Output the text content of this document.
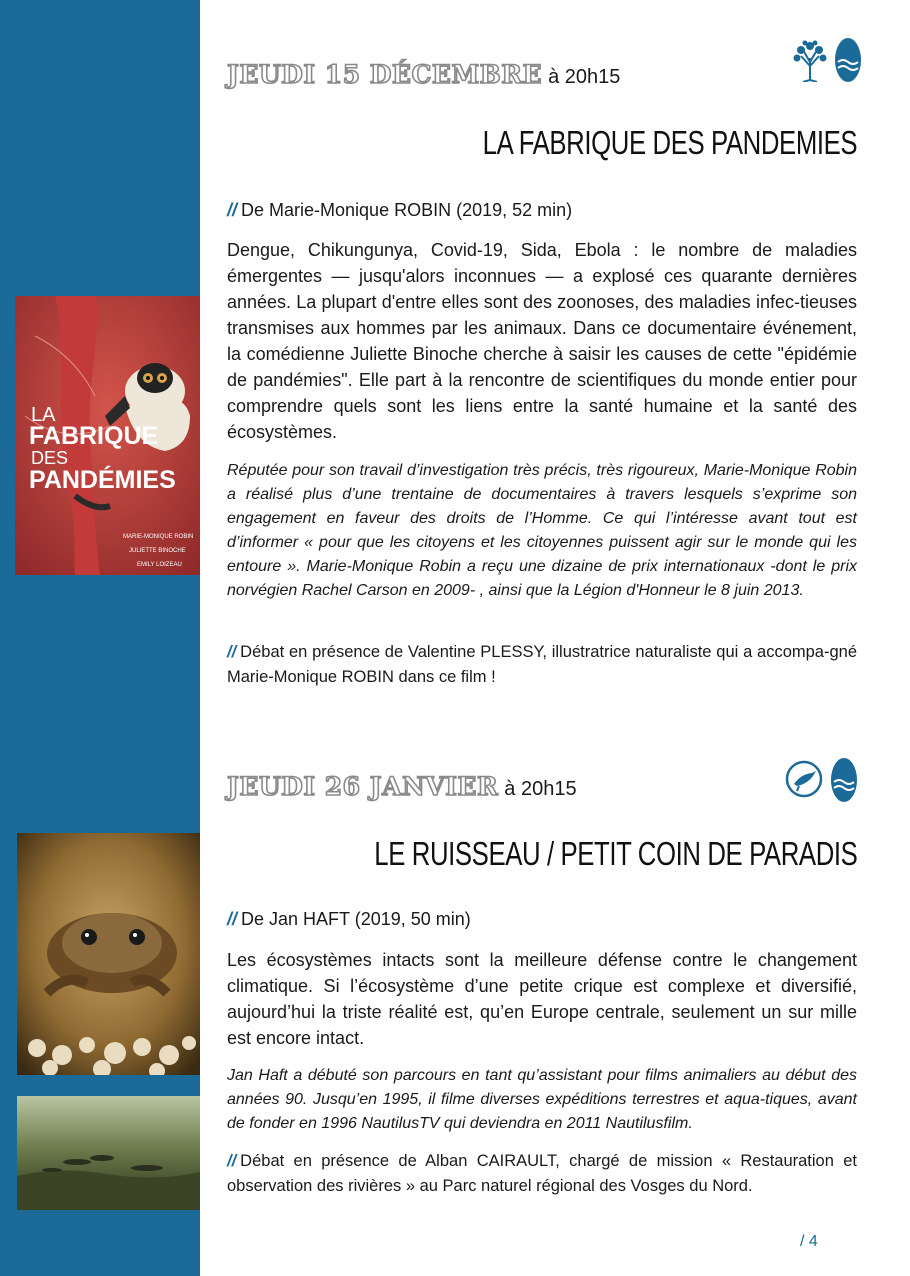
LA
FABRIQUE
DES
PANDÉMIES
MARIE-MONIQUE ROBIN
JULIETTE BINOCHE
EMILY LOIZEAU
JEUDI 15 DÉCEMBRE à 20h15
LA FABRIQUE DES PANDEMIES
// De Marie-Monique ROBIN (2019, 52 min)
Dengue, Chikungunya, Covid-19, Sida, Ebola : le nombre de maladies émergentes — jusqu'alors inconnues — a explosé ces quarante dernières années. La plupart d'entre elles sont des zoonoses, des maladies infec-tieuses transmises aux hommes par les animaux. Dans ce documentaire événement, la comédienne Juliette Binoche cherche à saisir les causes de cette "épidémie de pandémies". Elle part à la rencontre de scientifiques du monde entier pour comprendre quels sont les liens entre la santé humaine et la santé des écosystèmes.
Réputée pour son travail d’investigation très précis, très rigoureux, Marie-Monique Robin a réalisé plus d’une trentaine de documentaires à travers lesquels s’exprime son engagement en faveur des droits de l’Homme. Ce qui l’intéresse avant tout est d’informer « pour que les citoyens et les citoyennes puissent agir sur le monde qui les entoure ». Marie-Monique Robin a reçu une dizaine de prix internationaux -dont le prix norvégien Rachel Carson en 2009- , ainsi que la Légion d'Honneur le 8 juin 2013.
// Débat en présence de Valentine PLESSY, illustratrice naturaliste qui a accompa-gné Marie-Monique ROBIN dans ce film !
JEUDI 26 JANVIER à 20h15
LE RUISSEAU / PETIT COIN DE PARADIS
// De Jan HAFT (2019, 50 min)
Les écosystèmes intacts sont la meilleure défense contre le changement climatique. Si l’écosystème d’une petite crique est complexe et diversifié, aujourd’hui la triste réalité est, qu’en Europe centrale, seulement un sur mille est encore intact.
Jan Haft a débuté son parcours en tant qu’assistant pour films animaliers au début des années 90. Jusqu’en 1995, il filme diverses expéditions terrestres et aqua-tiques, avant de fonder en 1996 NautilusTV qui deviendra en 2011 Nautilusfilm.
// Débat en présence de Alban CAIRAULT, chargé de mission « Restauration et observation des rivières » au Parc naturel régional des Vosges du Nord.
/ 4
